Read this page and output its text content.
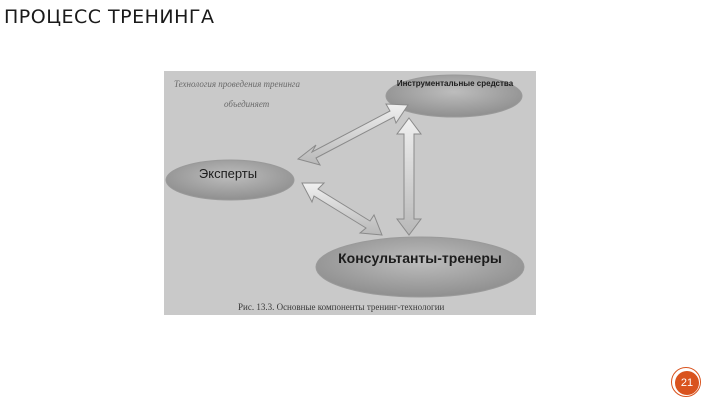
ПРОЦЕСС ТРЕНИНГА
Технология проведения тренинга
объединяет
Инструментальные средства
Эксперты
Консультанты-тренеры
Рис. 13.3. Основные компоненты тренинг-технологии
21
